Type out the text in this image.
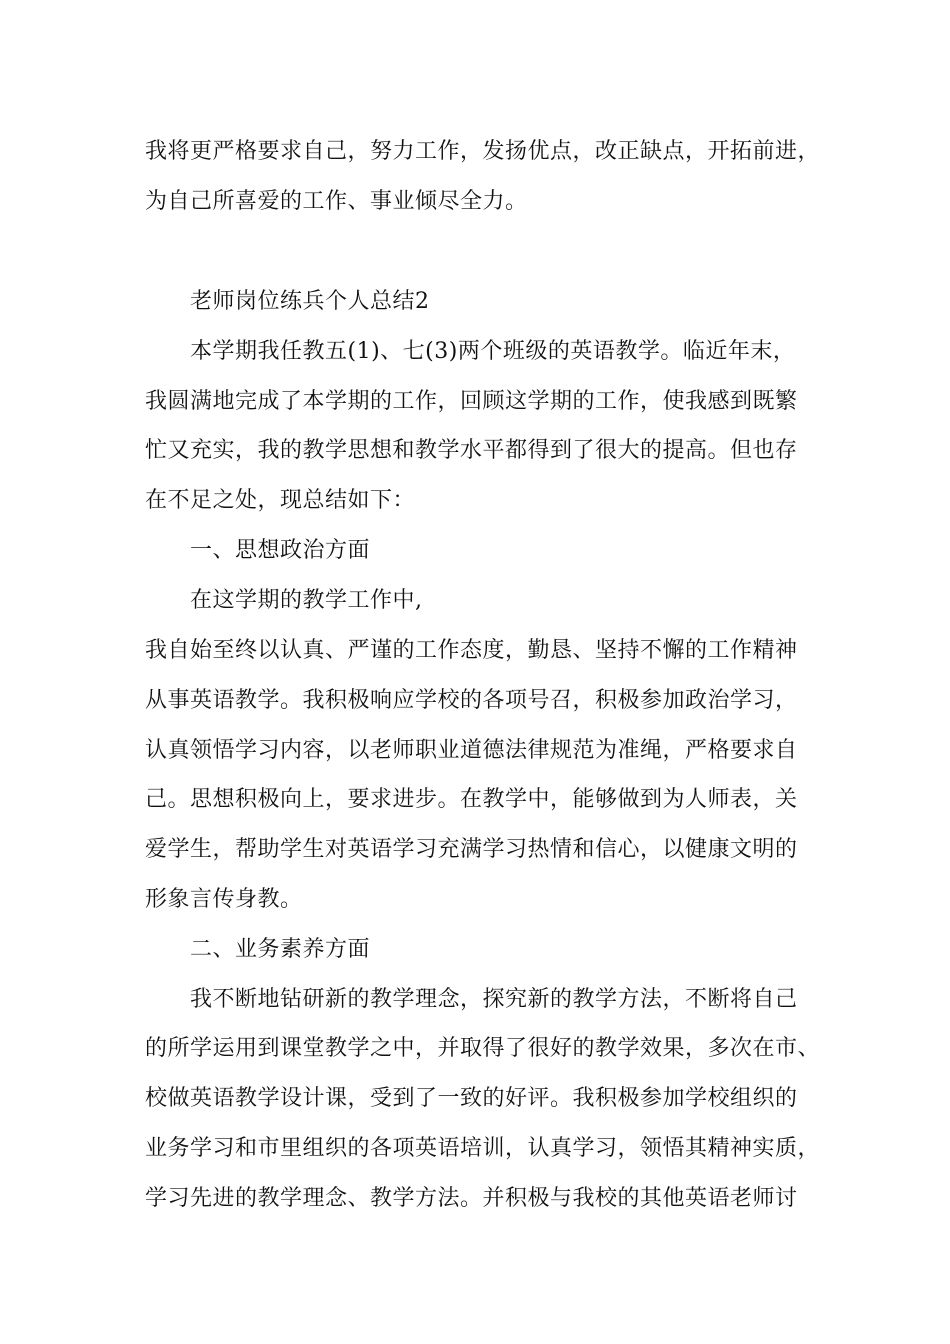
我将更严格要求自己，努力工作，发扬优点，改正缺点，开拓前进，
为自己所喜爱的工作、事业倾尽全力。
老师岗位练兵个人总结2
本学期我任教五(1)、七(3)两个班级的英语教学。临近年末，
我圆满地完成了本学期的工作，回顾这学期的工作，使我感到既繁
忙又充实，我的教学思想和教学水平都得到了很大的提高。但也存
在不足之处，现总结如下：
一、思想政治方面
在这学期的教学工作中,
我自始至终以认真、严谨的工作态度，勤恳、坚持不懈的工作精神
从事英语教学。我积极响应学校的各项号召，积极参加政治学习，
认真领悟学习内容，以老师职业道德法律规范为准绳，严格要求自
己。思想积极向上，要求进步。在教学中，能够做到为人师表，关
爱学生，帮助学生对英语学习充满学习热情和信心，以健康文明的
形象言传身教。
二、业务素养方面
我不断地钻研新的教学理念，探究新的教学方法，不断将自己
的所学运用到课堂教学之中，并取得了很好的教学效果，多次在市、
校做英语教学设计课，受到了一致的好评。我积极参加学校组织的
业务学习和市里组织的各项英语培训，认真学习，领悟其精神实质，
学习先进的教学理念、教学方法。并积极与我校的其他英语老师讨
